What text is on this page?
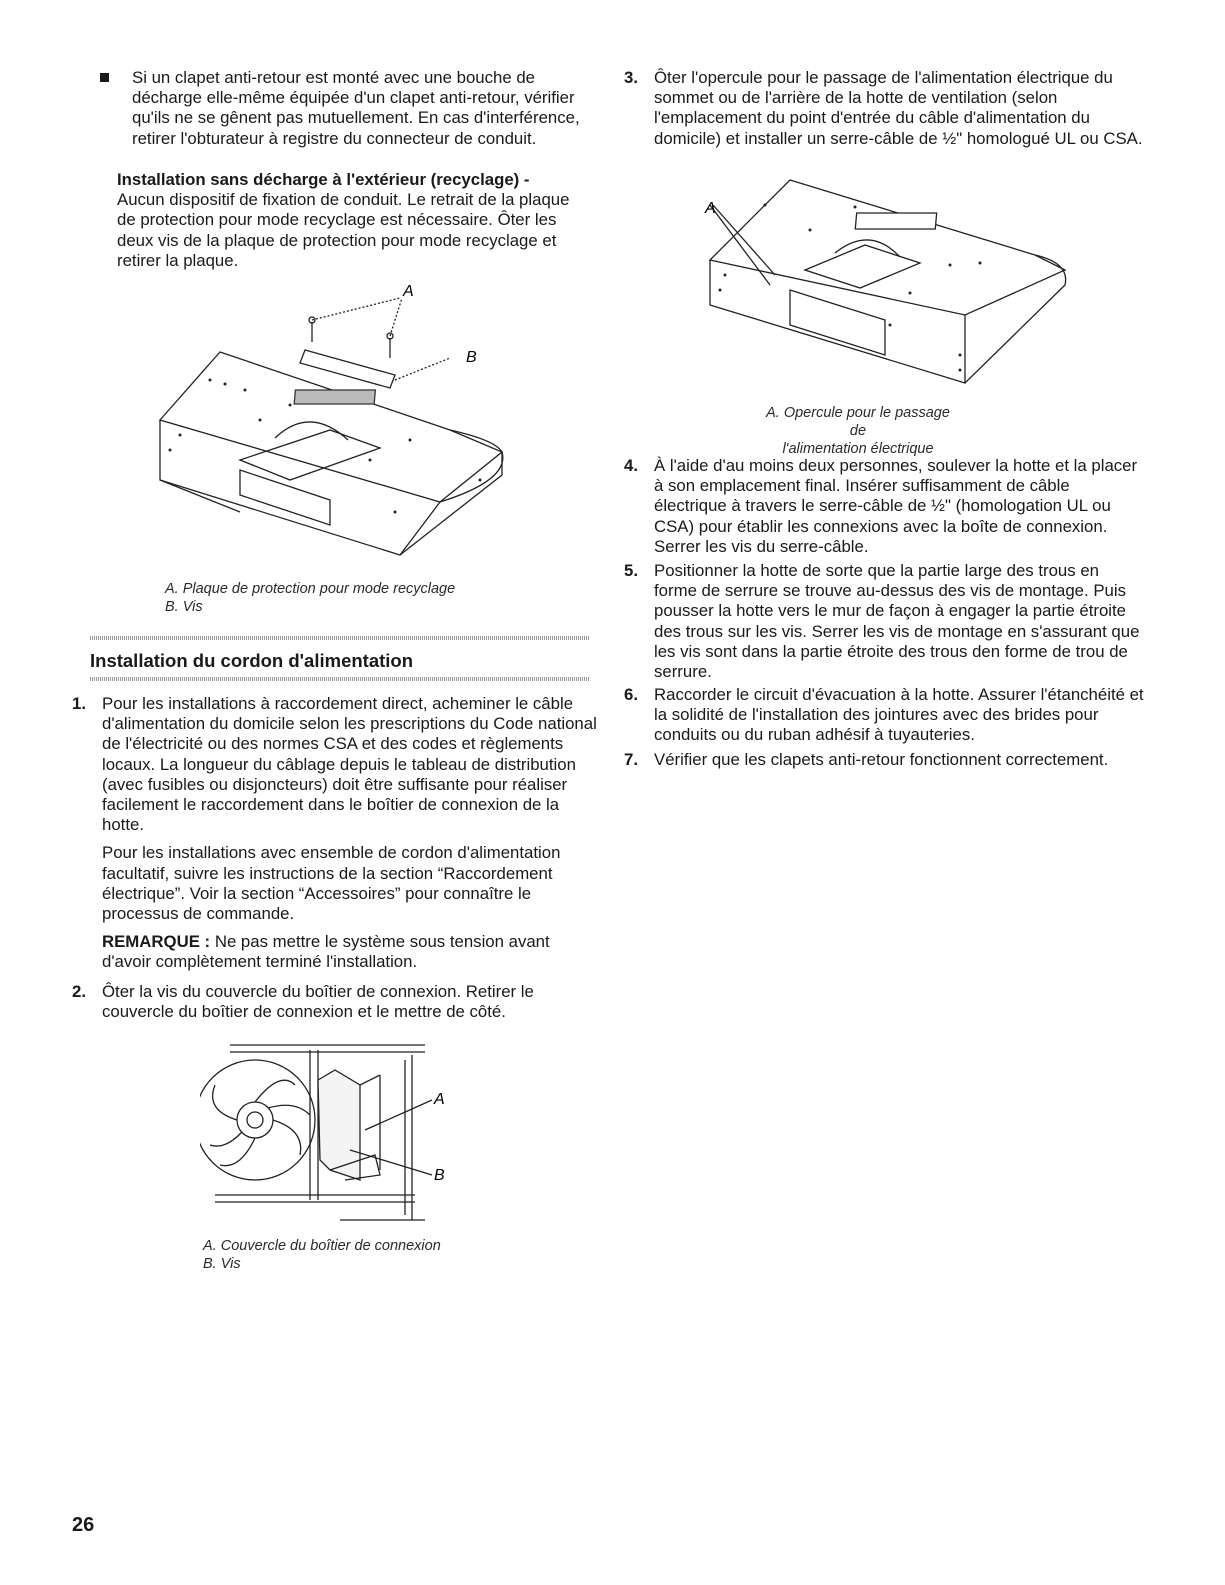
Si un clapet anti-retour est monté avec une bouche de décharge elle-même équipée d'un clapet anti-retour, vérifier qu'ils ne se gênent pas mutuellement. En cas d'interférence, retirer l'obturateur à registre du connecteur de conduit.
Installation sans décharge à l'extérieur (recyclage) -
Aucun dispositif de fixation de conduit. Le retrait de la plaque de protection pour mode recyclage est nécessaire. Ôter les deux vis de la plaque de protection pour mode recyclage et retirer la plaque.
A
B
A. Plaque de protection pour mode recyclage
B. Vis
Installation du cordon d'alimentation
1. Pour les installations à raccordement direct, acheminer le câble d'alimentation du domicile selon les prescriptions du Code national de l'électricité ou des normes CSA et des codes et règlements locaux. La longueur du câblage depuis le tableau de distribution (avec fusibles ou disjoncteurs) doit être suffisante pour réaliser facilement le raccordement dans le boîtier de connexion de la hotte.
Pour les installations avec ensemble de cordon d'alimentation facultatif, suivre les instructions de la section “Raccordement électrique”. Voir la section “Accessoires” pour connaître le processus de commande.
REMARQUE : Ne pas mettre le système sous tension avant d'avoir complètement terminé l'installation.
2. Ôter la vis du couvercle du boîtier de connexion. Retirer le couvercle du boîtier de connexion et le mettre de côté.
A
B
A. Couvercle du boîtier de connexion
B. Vis
3. Ôter l'opercule pour le passage de l'alimentation électrique du sommet ou de l'arrière de la hotte de ventilation (selon l'emplacement du point d'entrée du câble d'alimentation du domicile) et installer un serre-câble de ½" homologué UL ou CSA.
A
A. Opercule pour le passage de
l'alimentation électrique
4. À l'aide d'au moins deux personnes, soulever la hotte et la placer à son emplacement final. Insérer suffisamment de câble électrique à travers le serre-câble de ½" (homologation UL ou CSA) pour établir les connexions avec la boîte de connexion. Serrer les vis du serre-câble.
5. Positionner la hotte de sorte que la partie large des trous en forme de serrure se trouve au-dessus des vis de montage. Puis pousser la hotte vers le mur de façon à engager la partie étroite des trous sur les vis. Serrer les vis de montage en s'assurant que les vis sont dans la partie étroite des trous den forme de trou de serrure.
6. Raccorder le circuit d'évacuation à la hotte. Assurer l'étanchéité et la solidité de l'installation des jointures avec des brides pour conduits ou du ruban adhésif à tuyauteries.
7. Vérifier que les clapets anti-retour fonctionnent correctement.
26
